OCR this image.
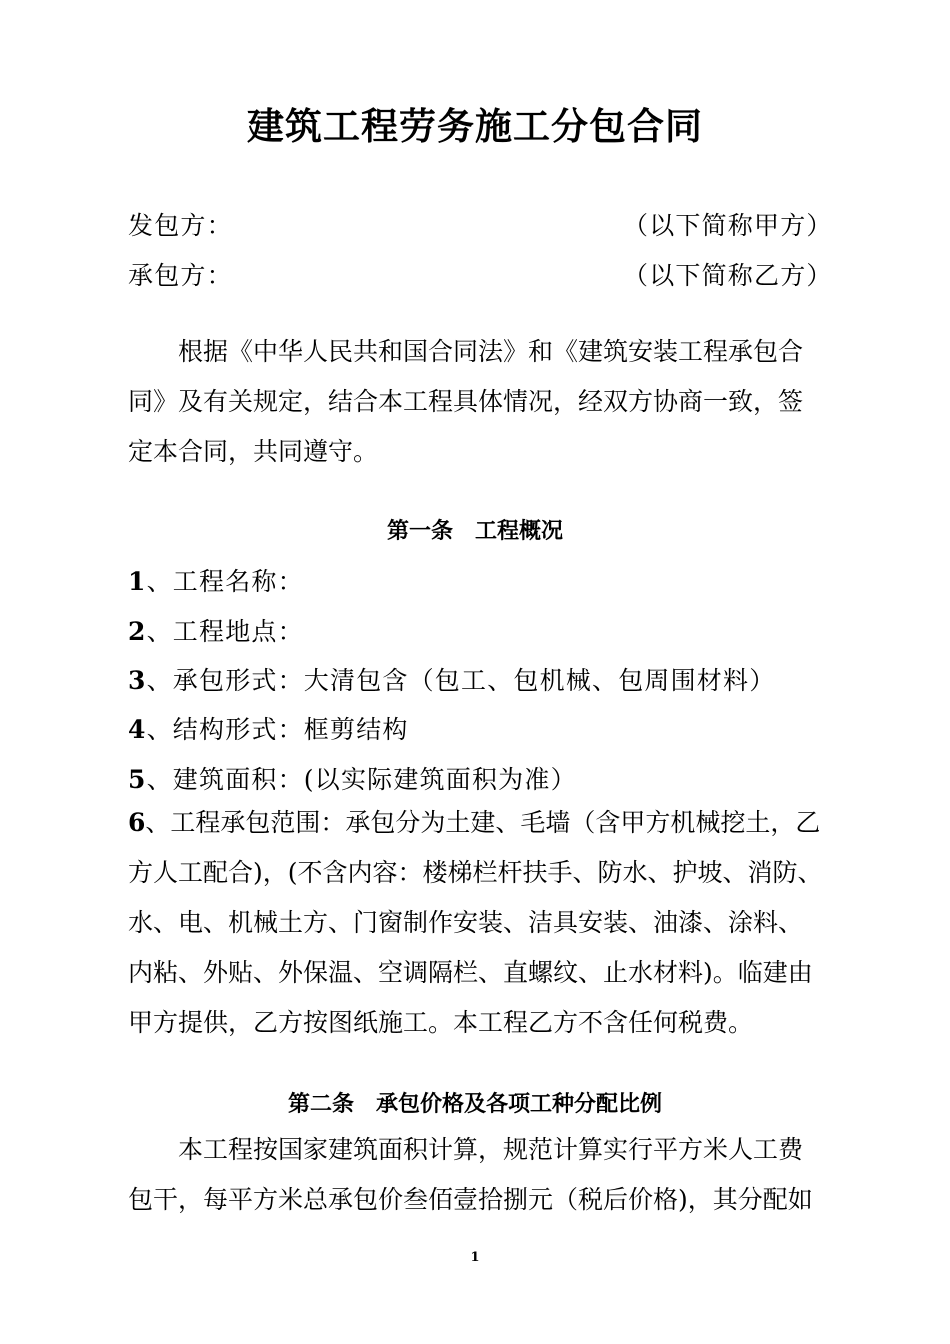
建筑工程劳务施工分包合同
发包方：	（以下简称甲方）
承包方：	（以下简称乙方）
根据《中华人民共和国合同法》和《建筑安装工程承包合同》及有关规定，结合本工程具体情况，经双方协商一致，签定本合同，共同遵守。
第一条　工程概况
1、工程名称：
2、工程地点：
3、承包形式：大清包含（包工、包机械、包周围材料）
4、结构形式：框剪结构
5、建筑面积：(以实际建筑面积为准）
6、工程承包范围：承包分为土建、毛墙（含甲方机械挖土，乙方人工配合)，(不含内容：楼梯栏杆扶手、防水、护坡、消防、水、电、机械土方、门窗制作安装、洁具安装、油漆、涂料、内粘、外贴、外保温、空调隔栏、直螺纹、止水材料)。临建由甲方提供，乙方按图纸施工。本工程乙方不含任何税费。
第二条　承包价格及各项工种分配比例
本工程按国家建筑面积计算，规范计算实行平方米人工费包干，每平方米总承包价叁佰壹拾捌元（税后价格)，其分配如
1
